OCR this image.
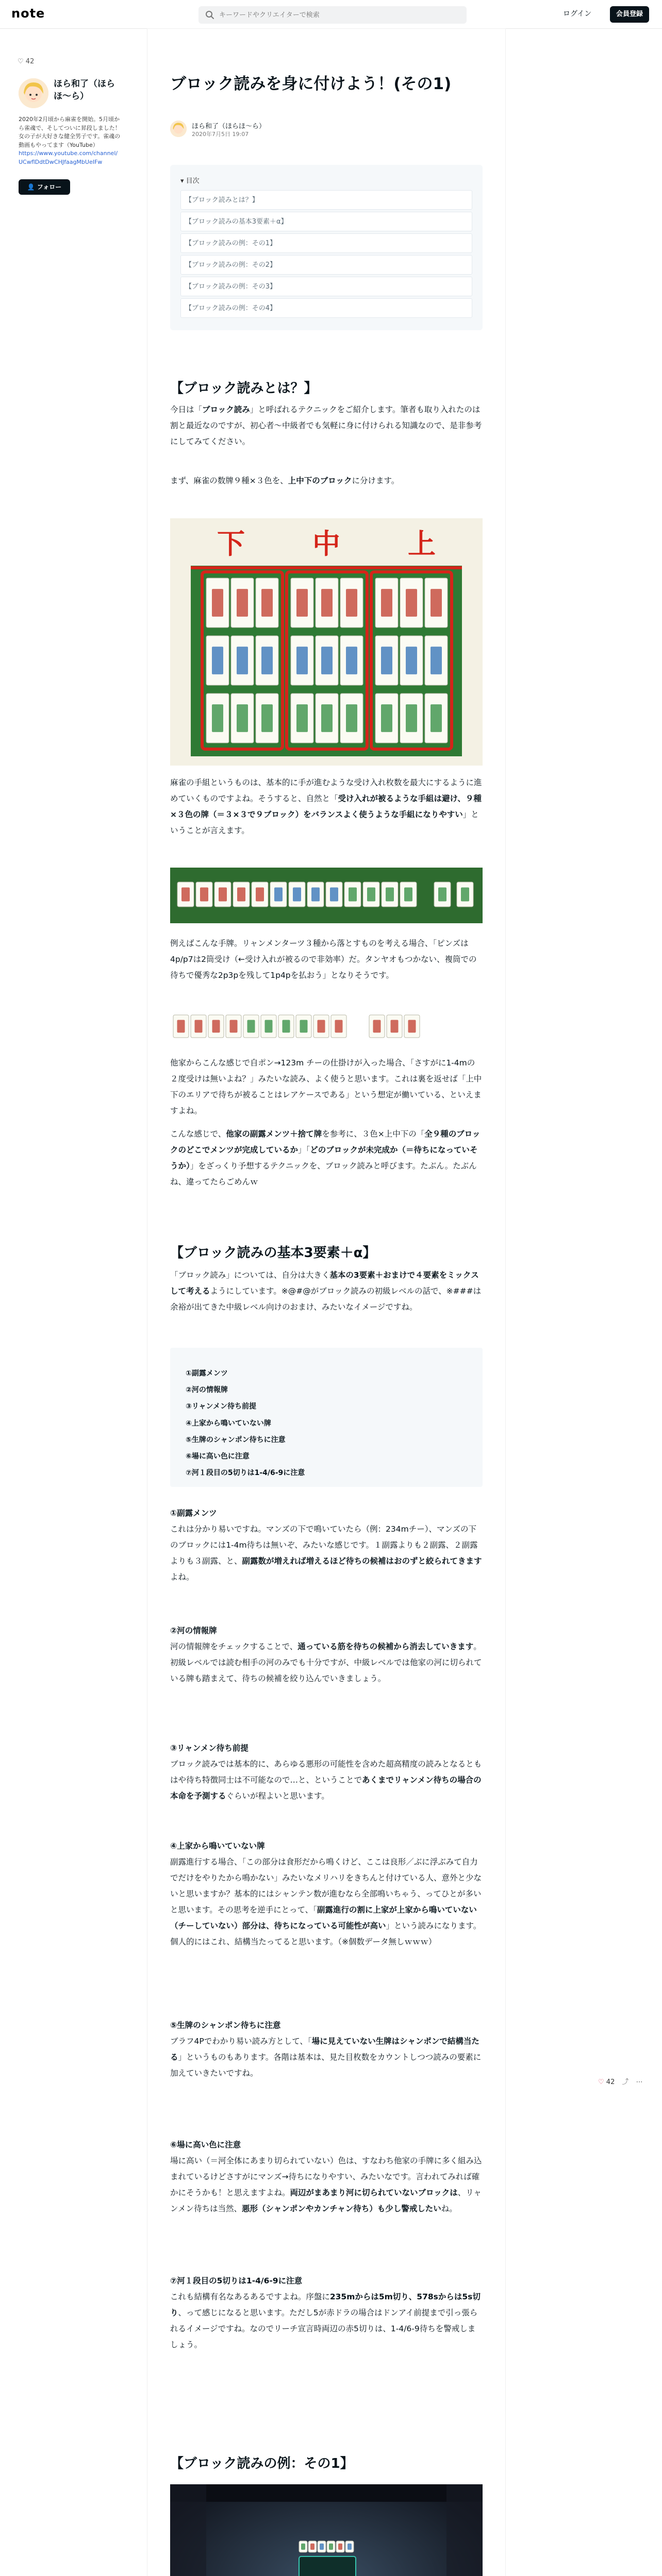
note
キーワードやクリエイターで検索	ログイン	会員登録
♡ 42
ほら和了（ほらほ〜ら）
2020年2月頃から麻雀を開始。5月頃から雀魂で、そしてついに昇段しました！ 女の子が大好きな健全男子です。雀魂の動画もやってます（YouTube）
https://www.youtube.com/channel/UCwflDdtDwCHJfaagMbUeIFw
👤 フォロー
ブロック読みを身に付けよう！(その1)
ほら和了（ほらほ〜ら）
2020年7月5日 19:07
▾ 目次
【ブロック読みとは？】
【ブロック読みの基本3要素＋α】
【ブロック読みの例：その1】
【ブロック読みの例：その2】
【ブロック読みの例：その3】
【ブロック読みの例：その4】
【ブロック読みとは？】
今日は「ブロック読み」と呼ばれるテクニックをご紹介します。筆者も取り入れたのは割と最近なのですが、初心者〜中級者でも気軽に身に付けられる知識なので、是非参考にしてみてください。
まず、麻雀の数牌９種×３色を、上中下のブロックに分けます。
下 中 上
麻雀の手組というものは、基本的に手が進むような受け入れ枚数を最大にするように進めていくものですよね。そうすると、自然と「受け入れが被るような手組は避け、９種×３色の牌（＝３×３で９ブロック）をバランスよく使うような手組になりやすい」ということが言えます。
例えばこんな手牌。リャンメンターツ３種から落とすものを考える場合、「ピンズは4p/p7は2筒受け（←受け入れが被るので非効率）だ。タンヤオもつかない、複筒での待ちで優秀な2p3pを残して1p4pを払おう」となりそうです。
他家からこんな感じで自ポン→123m チーの仕掛けが入った場合、「さすがに1-4mの２度受けは無いよね？」みたいな読み、よく使うと思います。これは裏を返せば「上中下のエリアで待ちが被ることはレアケースである」という想定が働いている、といえますよね。
こんな感じで、他家の副露メンツ＋捨て牌を参考に、３色×上中下の「全９種のブロックのどこでメンツが完成しているか」「どのブロックが未完成か（＝待ちになっていそうか）」をざっくり予想するテクニックを、ブロック読みと呼びます。たぶん。たぶんね、違ってたらごめんｗ
【ブロック読みの基本3要素＋α】
「ブロック読み」については、自分は大きく基本の3要素＋おまけで４要素をミックスして考えるようにしています。※@#@がブロック読みの初級レベルの話で、※###は余裕が出てきた中級レベル向けのおまけ、みたいなイメージですね。
①副露メンツ
②河の情報牌
③リャンメン待ち前提
④上家から鳴いていない牌
⑤生牌のシャンポン待ちに注意
⑥場に高い色に注意
⑦河１段目の5切りは1-4/6-9に注意
①副露メンツ
これは分かり易いですね。マンズの下で鳴いていたら（例：234mチー）、マンズの下のブロックには1-4m待ちは無いぞ、みたいな感じです。１副露よりも２副露、２副露よりも３副露、と、副露数が増えれば増えるほど待ちの候補はおのずと絞られてきますよね。
②河の情報牌
河の情報牌をチェックすることで、通っている筋を待ちの候補から消去していきます。初級レベルでは読む相手の河のみでも十分ですが、中級レベルでは他家の河に切られている牌も踏まえて、待ちの候補を絞り込んでいきましょう。
③リャンメン待ち前提
ブロック読みでは基本的に、あらゆる悪形の可能性を含めた超高精度の読みとなるともはや待ち特徴同士は不可能なので…と、ということであくまでリャンメン待ちの場合の本命を予測するぐらいが程よいと思います。
④上家から鳴いていない牌
副露進行する場合、「この部分は食形だから鳴くけど、ここは良形／ぶに浮ぶみて自力でだけをやりたから鳴かない」みたいなメリハリをきちんと付けている人、意外と少ないと思いますか？基本的にはシャンテン数が進むなら全部鳴いちゃう、ってひとが多いと思います。その思考を逆手にとって、「副露進行の割に上家が上家から鳴いていない（チーしていない）部分は、待ちになっている可能性が高い」という読みになります。個人的にはこれ、結構当たってると思います。（※個数データ無しｗｗｗ）
⑤生牌のシャンポン待ちに注意
ブラフ4Pでわかり易い読み方として、「場に見えていない生牌はシャンポンで結構当たる」というものもあります。各階は基本は、見た目枚数をカウントしつつ読みの要素に加えていきたいですね。
⑥場に高い色に注意
場に高い（＝河全体にあまり切られていない）色は、すなわち他家の手牌に多く組み込まれているけどさすがにマンズ→待ちになりやすい、みたいなです。言われてみれば確かにそうかも！と思えますよね。両辺がまあまり河に切られていないブロックは、リャンメン待ちは当然、悪形（シャンポンやカンチャン待ち）も少し警戒したいね。
⑦河１段目の5切りは1-4/6-9に注意
これも結構有名なあるあるですよね。序盤に235mからは5m切り、578sからは5s切り、って感じになると思います。ただし5が赤ドラの場合はドンアイ前提まで引っ張られるイメージですね。なのでリーチ宣言時両辺の赤5切りは、1-4/6-9待ちを警戒しましょう。
【ブロック読みの例：その1】
♡ 42 ⤴ ⋯
